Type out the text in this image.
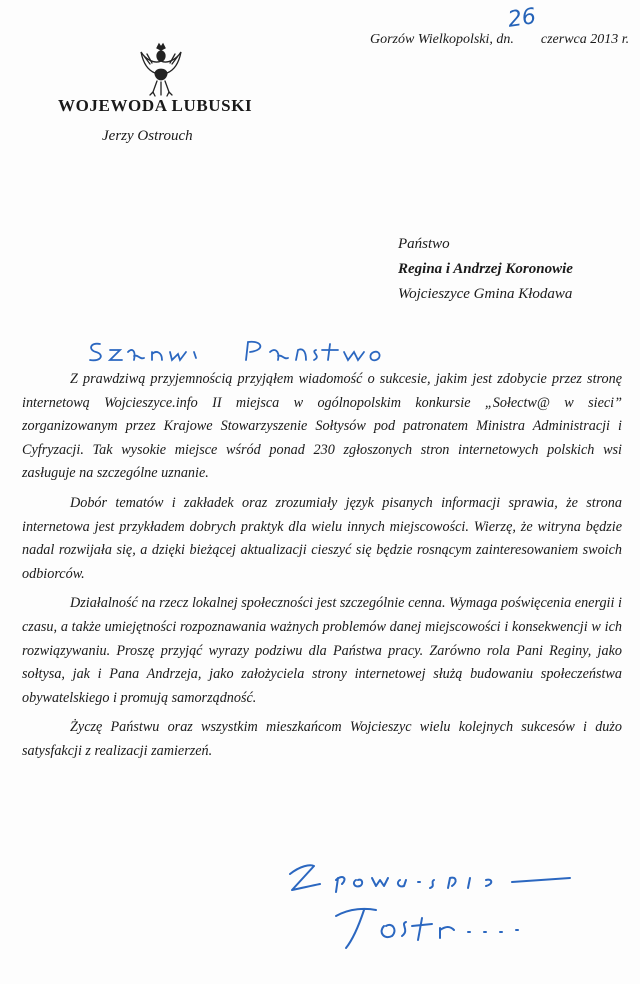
Gorzów Wielkopolski, dn. czerwca 2013 r.
26
WOJEWODA LUBUSKI
Jerzy Ostrouch
Państwo
Regina i Andrzej Koronowie
Wojcieszyce Gmina Kłodawa

Z prawdziwą przyjemnością przyjąłem wiadomość o sukcesie, jakim jest zdobycie przez stronę internetową Wojcieszyce.info II miejsca w ogólnopolskim konkursie „Sołectw@ w sieci” zorganizowanym przez Krajowe Stowarzyszenie Sołtysów pod patronatem Ministra Administracji i Cyfryzacji. Tak wysokie miejsce wśród ponad 230 zgłoszonych stron internetowych polskich wsi zasługuje na szczególne uznanie.

Dobór tematów i zakładek oraz zrozumiały język pisanych informacji sprawia, że strona internetowa jest przykładem dobrych praktyk dla wielu innych miejscowości. Wierzę, że witryna będzie nadal rozwijała się, a dzięki bieżącej aktualizacji cieszyć się będzie rosnącym zainteresowaniem swoich odbiorców.

Działalność na rzecz lokalnej społeczności jest szczególnie cenna. Wymaga poświęcenia energii i czasu, a także umiejętności rozpoznawania ważnych problemów danej miejscowości i konsekwencji w ich rozwiązywaniu. Proszę przyjąć wyrazy podziwu dla Państwa pracy. Zarówno rola Pani Reginy, jako sołtysa, jak i Pana Andrzeja, jako założyciela strony internetowej służą budowaniu społeczeństwa obywatelskiego i promują samorządność.

Życzę Państwu oraz wszystkim mieszkańcom Wojcieszyc wielu kolejnych sukcesów i dużo satysfakcji z realizacji zamierzeń.
